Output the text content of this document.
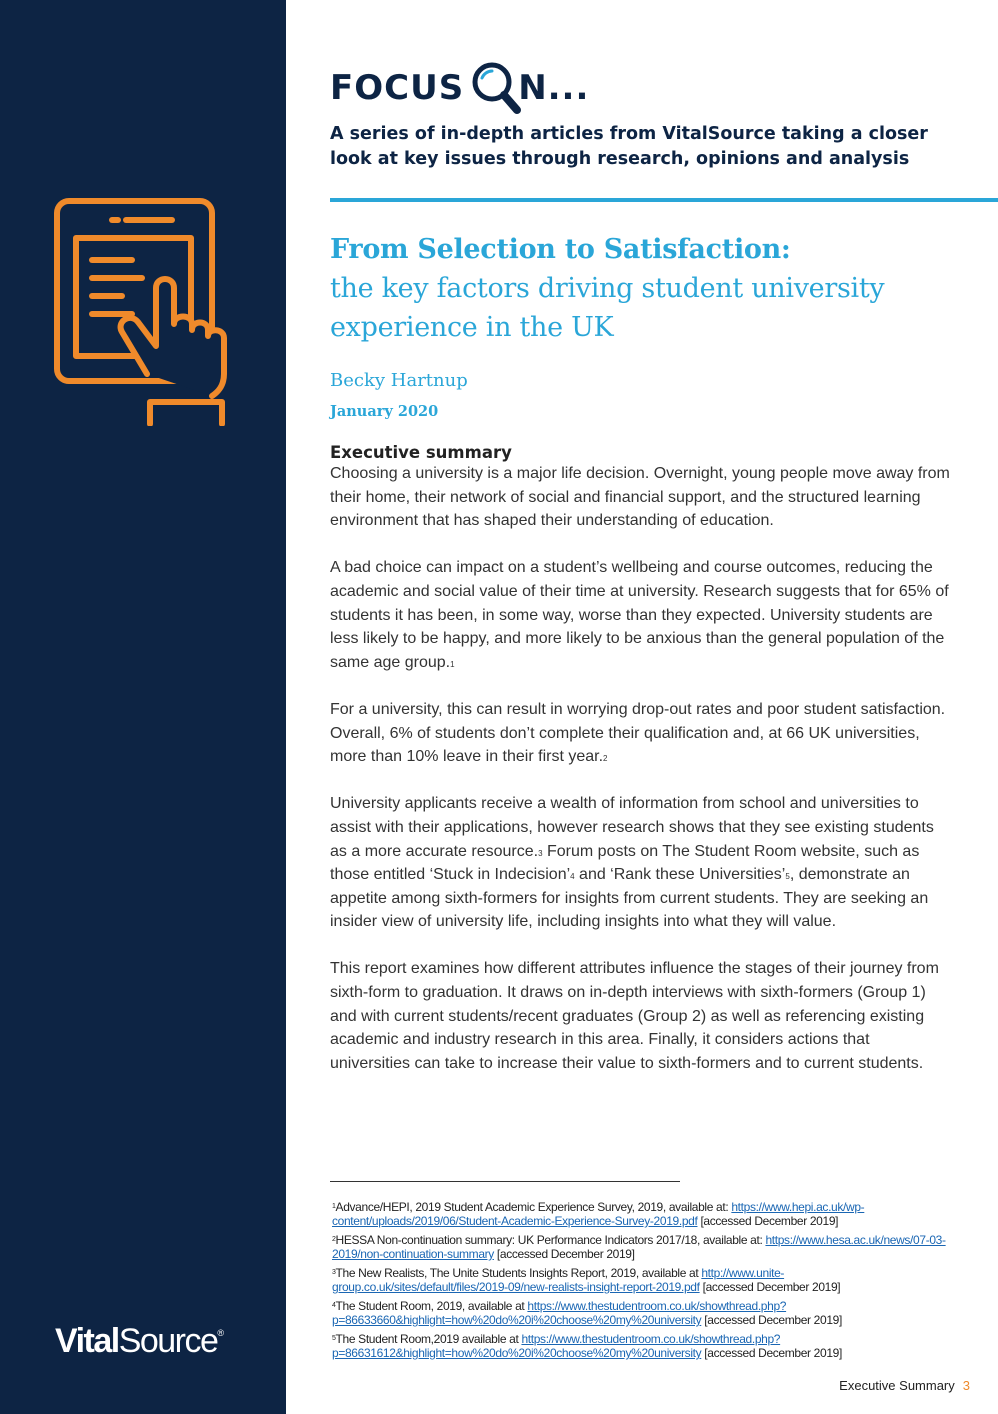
VitalSource®
FOCUS N...
A series of in-depth articles from VitalSource taking a closer look at key issues through research, opinions and analysis
From Selection to Satisfaction:
the key factors driving student university experience in the UK
Becky Hartnup
January 2020
Executive summary

Choosing a university is a major life decision. Overnight, young people move away from their home, their network of social and financial support, and the structured learning environment that has shaped their understanding of education.

A bad choice can impact on a student’s wellbeing and course outcomes, reducing the academic and social value of their time at university. Research suggests that for 65% of students it has been, in some way, worse than they expected. University students are less likely to be happy, and more likely to be anxious than the general population of the same age group.$^1$

For a university, this can result in worrying drop-out rates and poor student satisfaction. Overall, 6% of students don’t complete their qualification and, at 66 UK universities, more than 10% leave in their first year.$^2$

University applicants receive a wealth of information from school and universities to assist with their applications, however research shows that they see existing students as a more accurate resource.$^3$ Forum posts on The Student Room website, such as those entitled ‘Stuck in Indecision’$^4$ and ‘Rank these Universities’$^5$, demonstrate an appetite among sixth-formers for insights from current students. They are seeking an insider view of university life, including insights into what they will value.

This report examines how different attributes influence the stages of their journey from sixth-form to graduation. It draws on in-depth interviews with sixth-formers (Group 1) and with current students/recent graduates (Group 2) as well as referencing existing academic and industry research in this area. Finally, it considers actions that universities can take to increase their value to sixth-formers and to current students.

$^1$Advance/HEPI, 2019 Student Academic Experience Survey, 2019, available at: https://www.hepi.ac.uk/wp-content/uploads/2019/06/Student-Academic-Experience-Survey-2019.pdf [accessed December 2019]
$^2$HESSA Non-continuation summary: UK Performance Indicators 2017/18, available at: https://www.hesa.ac.uk/news/07-03-2019/non-continuation-summary [accessed December 2019]
$^3$The New Realists, The Unite Students Insights Report, 2019, available at http://www.unite-group.co.uk/sites/default/files/2019-09/new-realists-insight-report-2019.pdf [accessed December 2019]
$^4$The Student Room, 2019, available at https://www.thestudentroom.co.uk/showthread.php?p=86633660&highlight=how%20do%20i%20choose%20my%20university [accessed December 2019]
$^5$The Student Room,2019 available at https://www.thestudentroom.co.uk/showthread.php?p=86631612&highlight=how%20do%20i%20choose%20my%20university [accessed December 2019]
Executive Summary 3
